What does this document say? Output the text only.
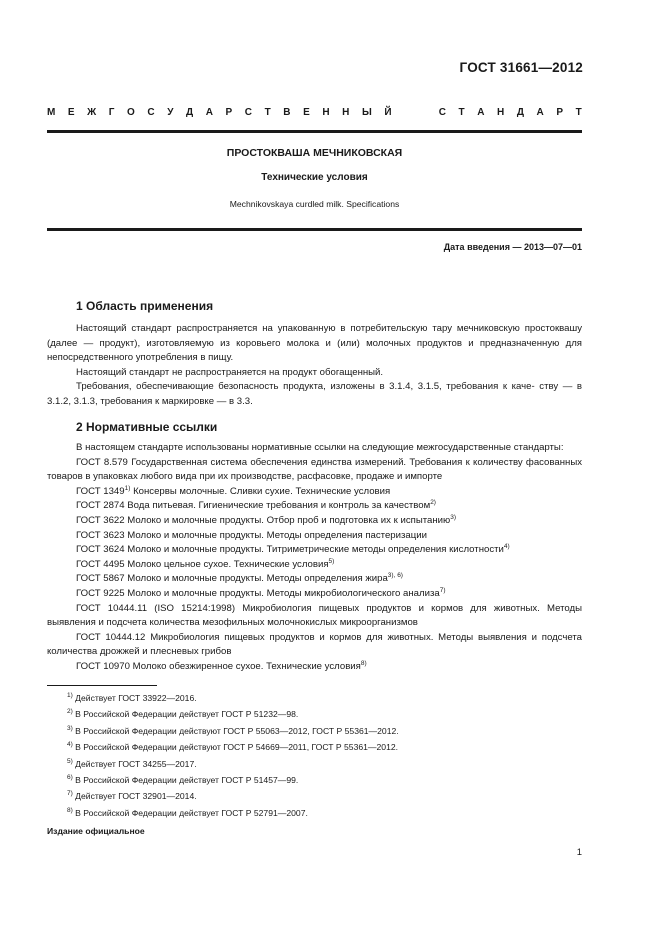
ГОСТ 31661—2012
М Е Ж Г О С У Д А Р С Т В Е Н Н Ы Й	С Т А Н Д А Р Т
ПРОСТОКВАША МЕЧНИКОВСКАЯ
Технические условия
Mechnikovskaya curdled milk. Specifications
Дата введения — 2013—07—01
1 Область применения

Настоящий стандарт распространяется на упакованную в потребительскую тару мечниковскую простоквашу (далее — продукт), изготовляемую из коровьего молока и (или) молочных продуктов и предназначенную для непосредственного употребления в пищу.

Настоящий стандарт не распространяется на продукт обогащенный.

Требования, обеспечивающие безопасность продукта, изложены в 3.1.4, 3.1.5, требования к каче- ству — в 3.1.2, 3.1.3, требования к маркировке — в 3.3.

2 Нормативные ссылки

В настоящем стандарте использованы нормативные ссылки на следующие межгосударственные стандарты:

ГОСТ 8.579 Государственная система обеспечения единства измерений. Требования к количеству фасованных товаров в упаковках любого вида при их производстве, расфасовке, продаже и импорте

ГОСТ 1349$^{1)}$ Консервы молочные. Сливки сухие. Технические условия

ГОСТ 2874 Вода питьевая. Гигиенические требования и контроль за качеством$^{2)}$

ГОСТ 3622 Молоко и молочные продукты. Отбор проб и подготовка их к испытанию$^{3)}$

ГОСТ 3623 Молоко и молочные продукты. Методы определения пастеризации

ГОСТ 3624 Молоко и молочные продукты. Титриметрические методы определения кислотности$^{4)}$

ГОСТ 4495 Молоко цельное сухое. Технические условия$^{5)}$

ГОСТ 5867 Молоко и молочные продукты. Методы определения жира$^{3), 6)}$

ГОСТ 9225 Молоко и молочные продукты. Методы микробиологического анализа$^{7)}$

ГОСТ 10444.11 (ISO 15214:1998) Микробиология пищевых продуктов и кормов для животных. Методы выявления и подсчета количества мезофильных молочнокислых микроорганизмов

ГОСТ 10444.12 Микробиология пищевых продуктов и кормов для животных. Методы выявления и подсчета количества дрожжей и плесневых грибов

ГОСТ 10970 Молоко обезжиренное сухое. Технические условия$^{8)}$

$^{1)}$ Действует ГОСТ 33922—2016.
$^{2)}$ В Российской Федерации действует ГОСТ Р 51232—98.
$^{3)}$ В Российской Федерации действуют ГОСТ Р 55063—2012, ГОСТ Р 55361—2012.
$^{4)}$ В Российской Федерации действуют ГОСТ Р 54669—2011, ГОСТ Р 55361—2012.
$^{5)}$ Действует ГОСТ 34255—2017.
$^{6)}$ В Российской Федерации действует ГОСТ Р 51457—99.
$^{7)}$ Действует ГОСТ 32901—2014.
$^{8)}$ В Российской Федерации действует ГОСТ Р 52791—2007.
Издание официальное
1
